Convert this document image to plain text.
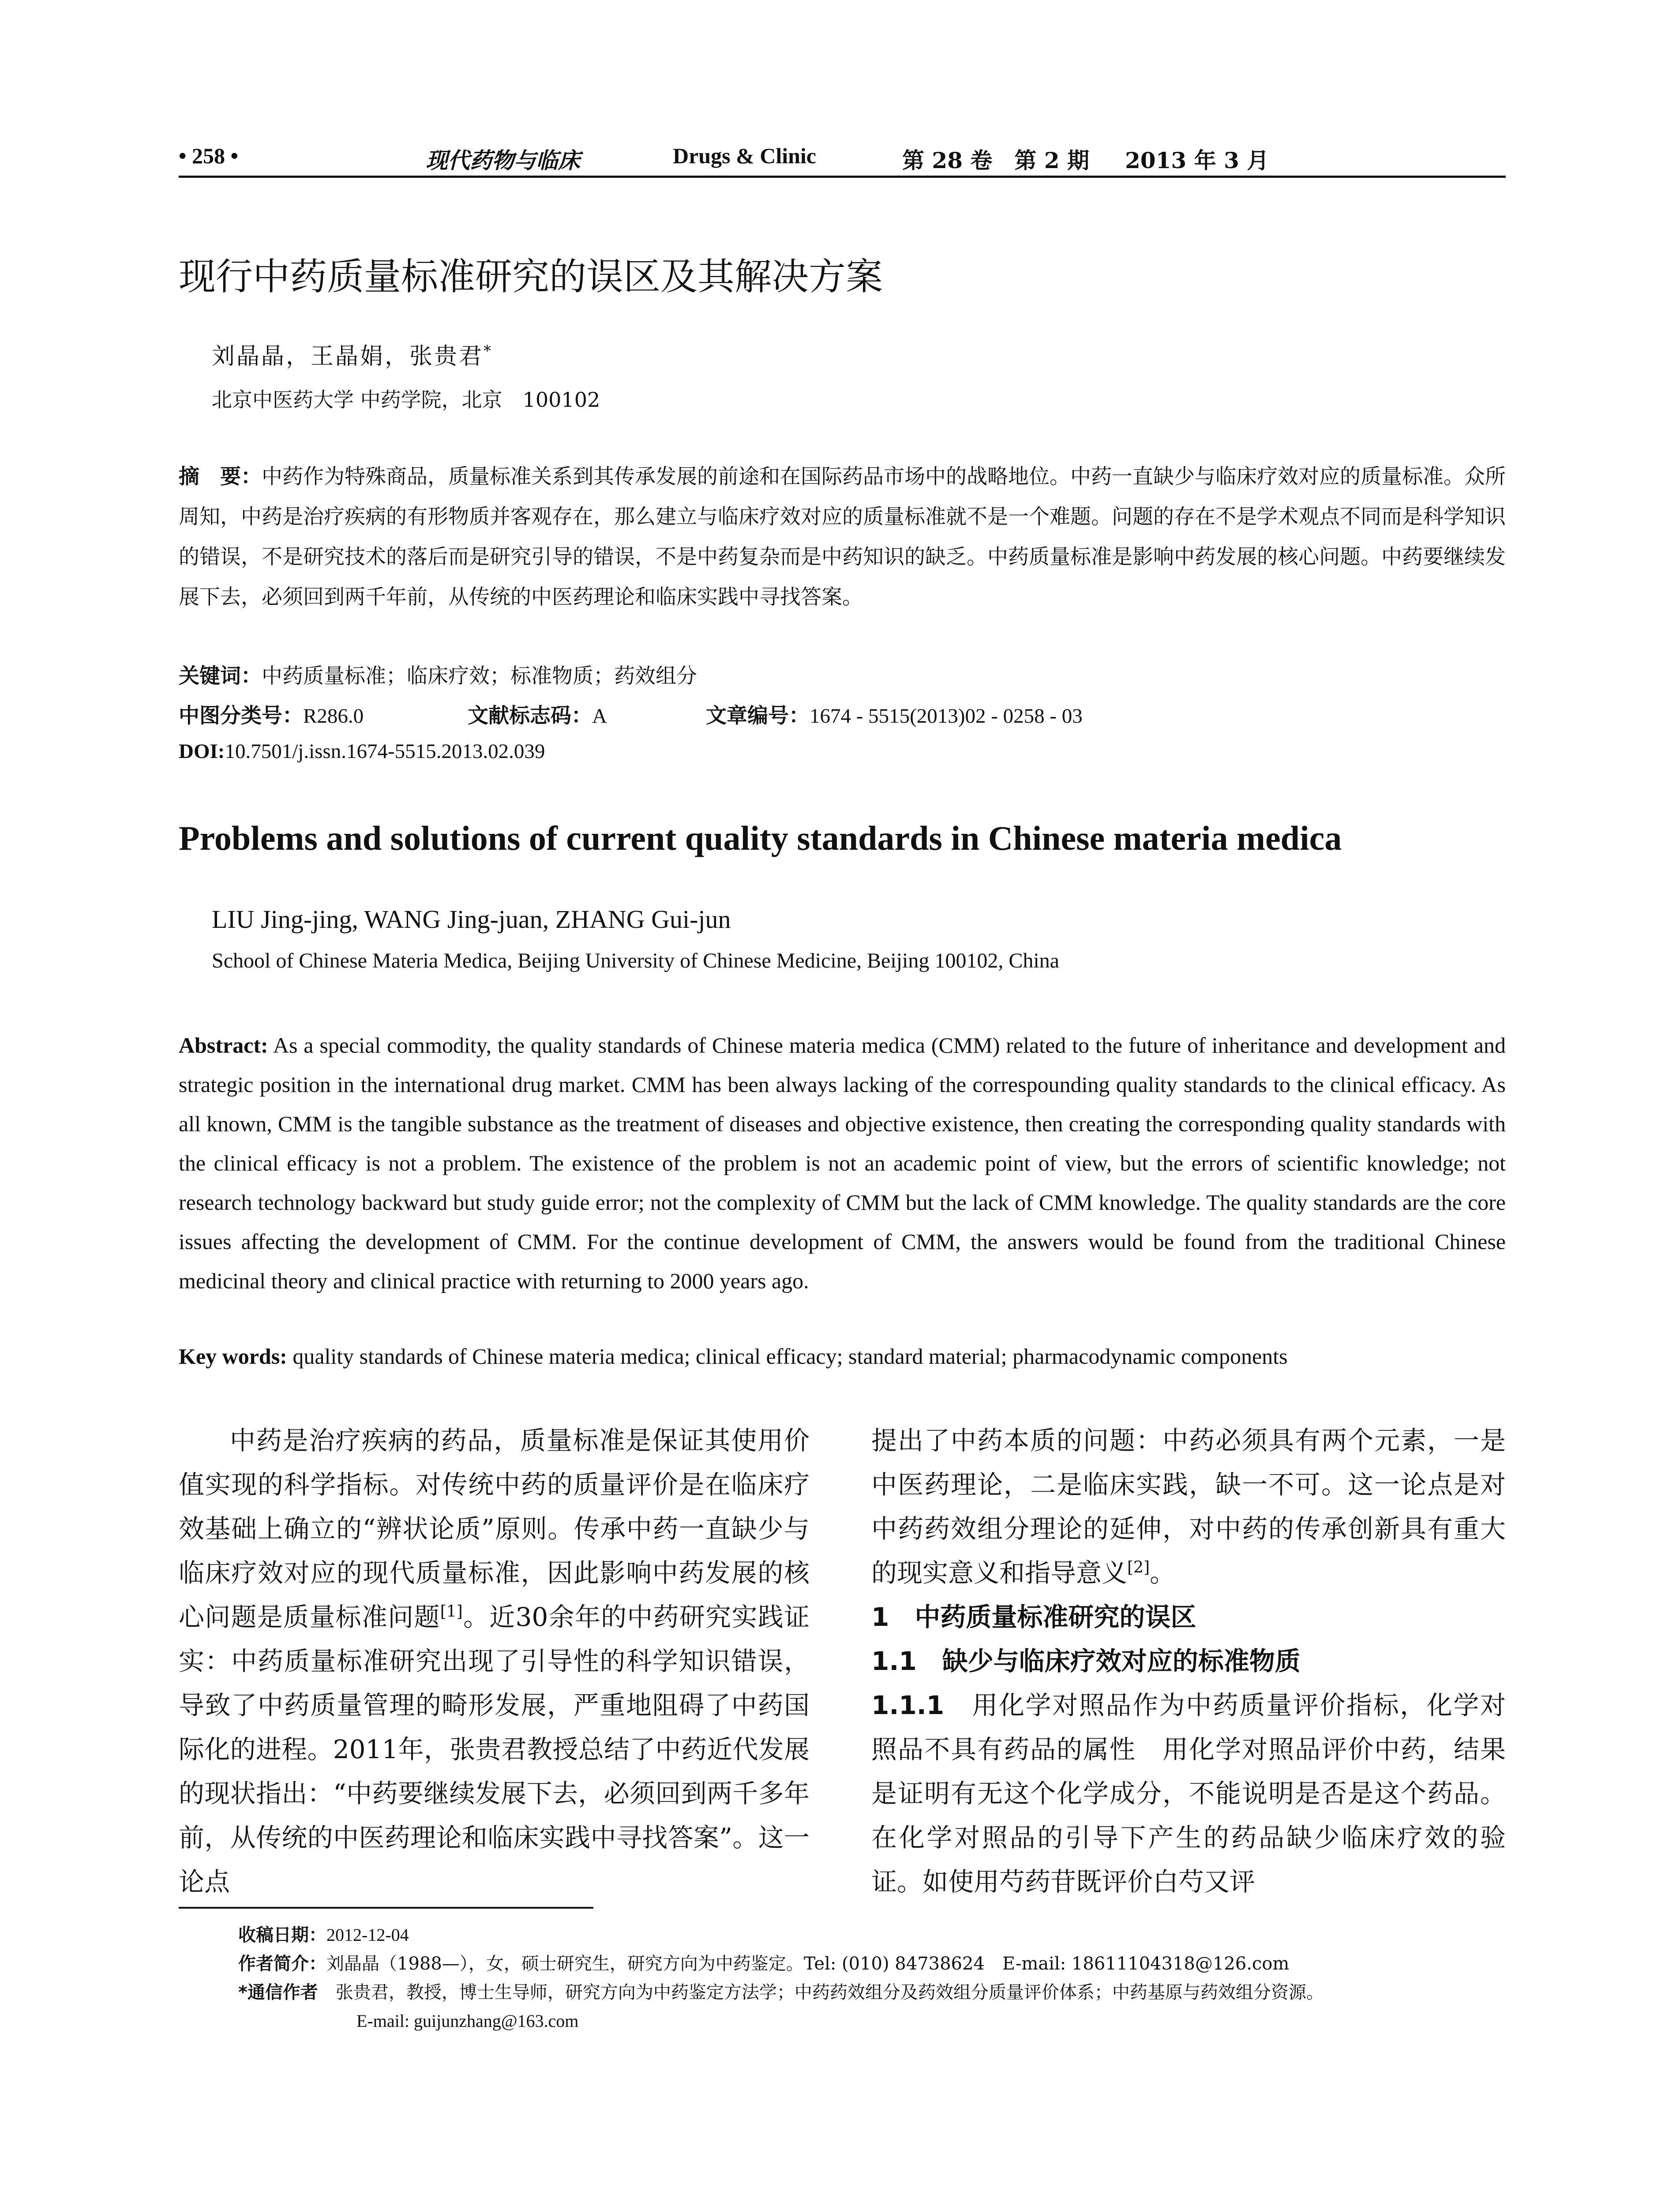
• 258 •	现代药物与临床	Drugs & Clinic	第 28 卷　第 2 期 2013 年 3 月
现行中药质量标准研究的误区及其解决方案
刘晶晶，王晶娟，张贵君*
北京中医药大学 中药学院，北京　100102
摘　要：中药作为特殊商品，质量标准关系到其传承发展的前途和在国际药品市场中的战略地位。中药一直缺少与临床疗效对应的质量标准。众所周知，中药是治疗疾病的有形物质并客观存在，那么建立与临床疗效对应的质量标准就不是一个难题。问题的存在不是学术观点不同而是科学知识的错误，不是研究技术的落后而是研究引导的错误，不是中药复杂而是中药知识的缺乏。中药质量标准是影响中药发展的核心问题。中药要继续发展下去，必须回到两千年前，从传统的中医药理论和临床实践中寻找答案。
关键词：中药质量标准；临床疗效；标准物质；药效组分
中图分类号：R286.0	文献标志码：A	文章编号：1674 - 5515(2013)02 - 0258 - 03
DOI:10.7501/j.issn.1674-5515.2013.02.039
Problems and solutions of current quality standards in Chinese materia medica
LIU Jing-jing, WANG Jing-juan, ZHANG Gui-jun
School of Chinese Materia Medica, Beijing University of Chinese Medicine, Beijing 100102, China
Abstract: As a special commodity, the quality standards of Chinese materia medica (CMM) related to the future of inheritance and development and strategic position in the international drug market. CMM has been always lacking of the correspounding quality standards to the clinical efficacy. As all known, CMM is the tangible substance as the treatment of diseases and objective existence, then creating the corresponding quality standards with the clinical efficacy is not a problem. The existence of the problem is not an academic point of view, but the errors of scientific knowledge; not research technology backward but study guide error; not the complexity of CMM but the lack of CMM knowledge. The quality standards are the core issues affecting the development of CMM. For the continue development of CMM, the answers would be found from the traditional Chinese medicinal theory and clinical practice with returning to 2000 years ago.
Key words: quality standards of Chinese materia medica; clinical efficacy; standard material; pharmacodynamic components
中药是治疗疾病的药品，质量标准是保证其使用价值实现的科学指标。对传统中药的质量评价是在临床疗效基础上确立的“辨状论质”原则。传承中药一直缺少与临床疗效对应的现代质量标准，因此影响中药发展的核心问题是质量标准问题[1]。近30余年的中药研究实践证实：中药质量标准研究出现了引导性的科学知识错误，导致了中药质量管理的畸形发展，严重地阻碍了中药国际化的进程。2011年，张贵君教授总结了中药近代发展的现状指出：“中药要继续发展下去，必须回到两千多年前，从传统的中医药理论和临床实践中寻找答案”。这一论点
提出了中药本质的问题：中药必须具有两个元素，一是中医药理论，二是临床实践，缺一不可。这一论点是对中药药效组分理论的延伸，对中药的传承创新具有重大的现实意义和指导意义[2]。
1　中药质量标准研究的误区
1.1　缺少与临床疗效对应的标准物质
1.1.1　用化学对照品作为中药质量评价指标，化学对照品不具有药品的属性　用化学对照品评价中药，结果是证明有无这个化学成分，不能说明是否是这个药品。在化学对照品的引导下产生的药品缺少临床疗效的验证。如使用芍药苷既评价白芍又评
收稿日期：2012-12-04
作者简介：刘晶晶（1988—），女，硕士研究生，研究方向为中药鉴定。Tel: (010) 84738624　E-mail: 18611104318@126.com
*通信作者　 张贵君，教授，博士生导师，研究方向为中药鉴定方法学；中药药效组分及药效组分质量评价体系；中药基原与药效组分资源。
E-mail: guijunzhang@163.com
